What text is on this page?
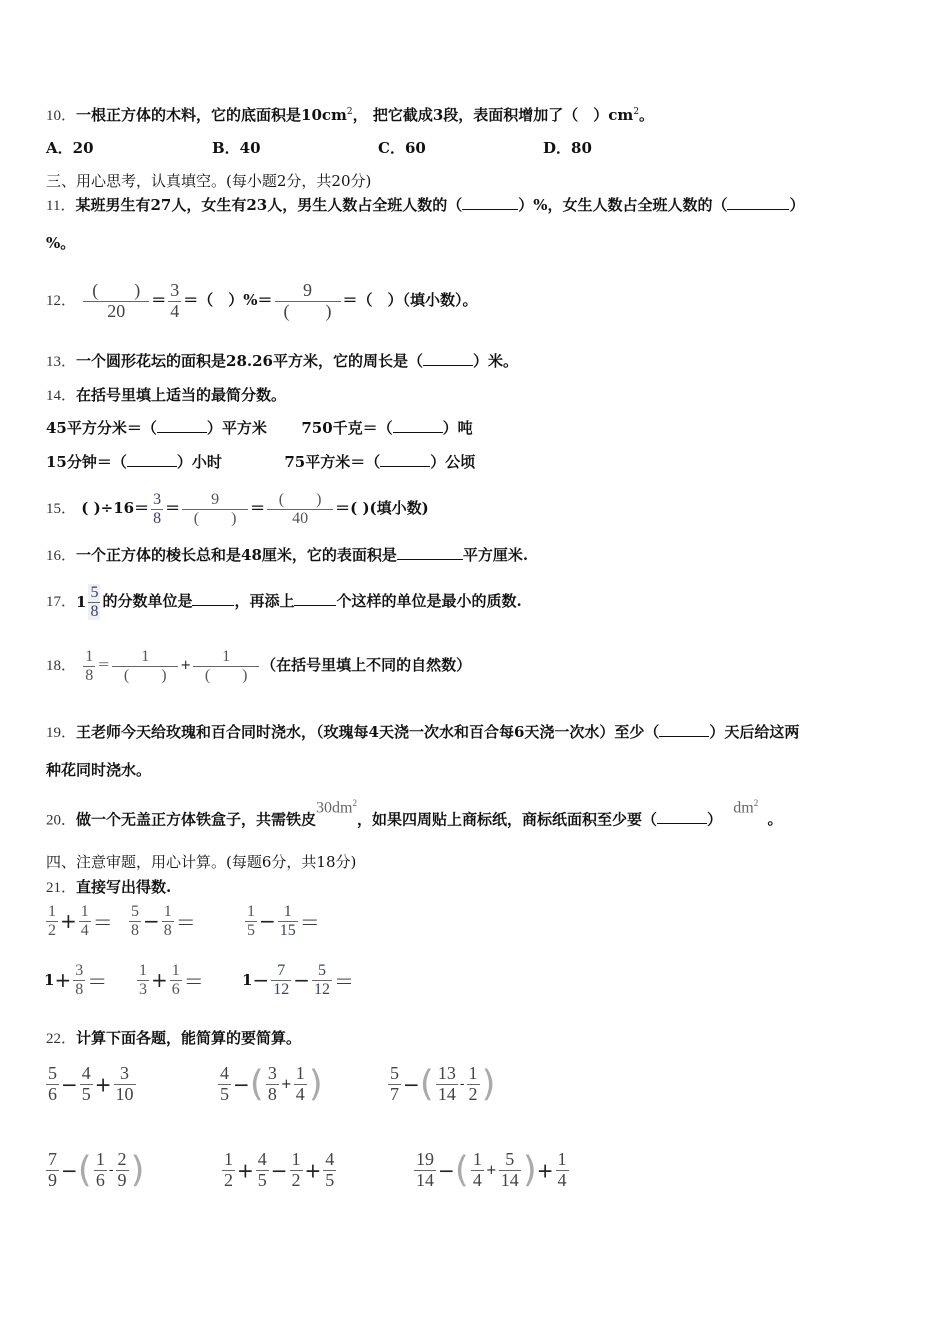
10．一根正方体的木料，它的底面积是$10cm^2$， 把它截成3段，表面积增加了（　）$cm^2$。
A．20	B．40	C．60	D．80
三、用心思考，认真填空。(每小题2分，共20分)
11．某班男生有27人，女生有23人，男生人数占全班人数的（	）%，女生人数占全班人数的（	）
%。
12． $\frac{( )}{20} = \frac{3}{4}$ ＝（　）%＝ $\frac{9}{( )}$ ＝（　）（填小数）。
13．一个圆形花坛的面积是28.26平方米，它的周长是（	）米。
14．在括号里填上适当的最简分数。
45平方分米＝（	）平方米 750千克＝（	）吨
15分钟＝（	）小时	75平方米＝（	）公顷
15． ( )$\div 16= \frac{3}{8} = \frac{9}{( )} = \frac{( )}{40}$ ＝( )(填小数)
16．一个正方体的棱长总和是48厘米，它的表面积是	平方厘米.
17．$1 \frac{5}{8}$ 的分数单位是	，再添上	个这样的单位是最小的质数.
18． $\frac{1}{8} = \frac{1}{( )} + \frac{1}{( )}$ （在括号里填上不同的自然数）
19．王老师今天给玫瑰和百合同时浇水，（玫瑰每4天浇一次水和百合每6天浇一次水）至少（	）天后给这两
种花同时浇水。
20．做一个无盖正方体铁盒子，共需铁皮$30dm^2$，如果四周贴上商标纸，商标纸面积至少要（	） $dm^2$ 。
四、注意审题，用心计算。(每题6分，共18分)
21．直接写出得数.
$\frac{1}{2} + \frac{1}{4} = \frac{5}{8} - \frac{1}{8}$ ＝	$\frac{1}{5} - \frac{1}{15}$ ＝
$1+ \frac{3}{8} = \frac{1}{3} + \frac{1}{6}$ ＝	$1- \frac{7}{12} - \frac{5}{12}$ ＝
22．计算下面各题，能简算的要简算。
$\frac{5}{6} - \frac{4}{5} + \frac{3}{10}$	$\frac{4}{5}$ −( $\frac{3}{8} + \frac{1}{4}$ )	$\frac{5}{7}$ −( $\frac{13}{14} - \frac{1}{2}$ )
$\frac{7}{9}$ −( $\frac{1}{6} - \frac{2}{9}$ )	$\frac{1}{2} + \frac{4}{5} - \frac{1}{2} + \frac{4}{5}$	$\frac{19}{14}$ −( $\frac{1}{4} + \frac{5}{14}$ )+ $\frac{1}{4}$
